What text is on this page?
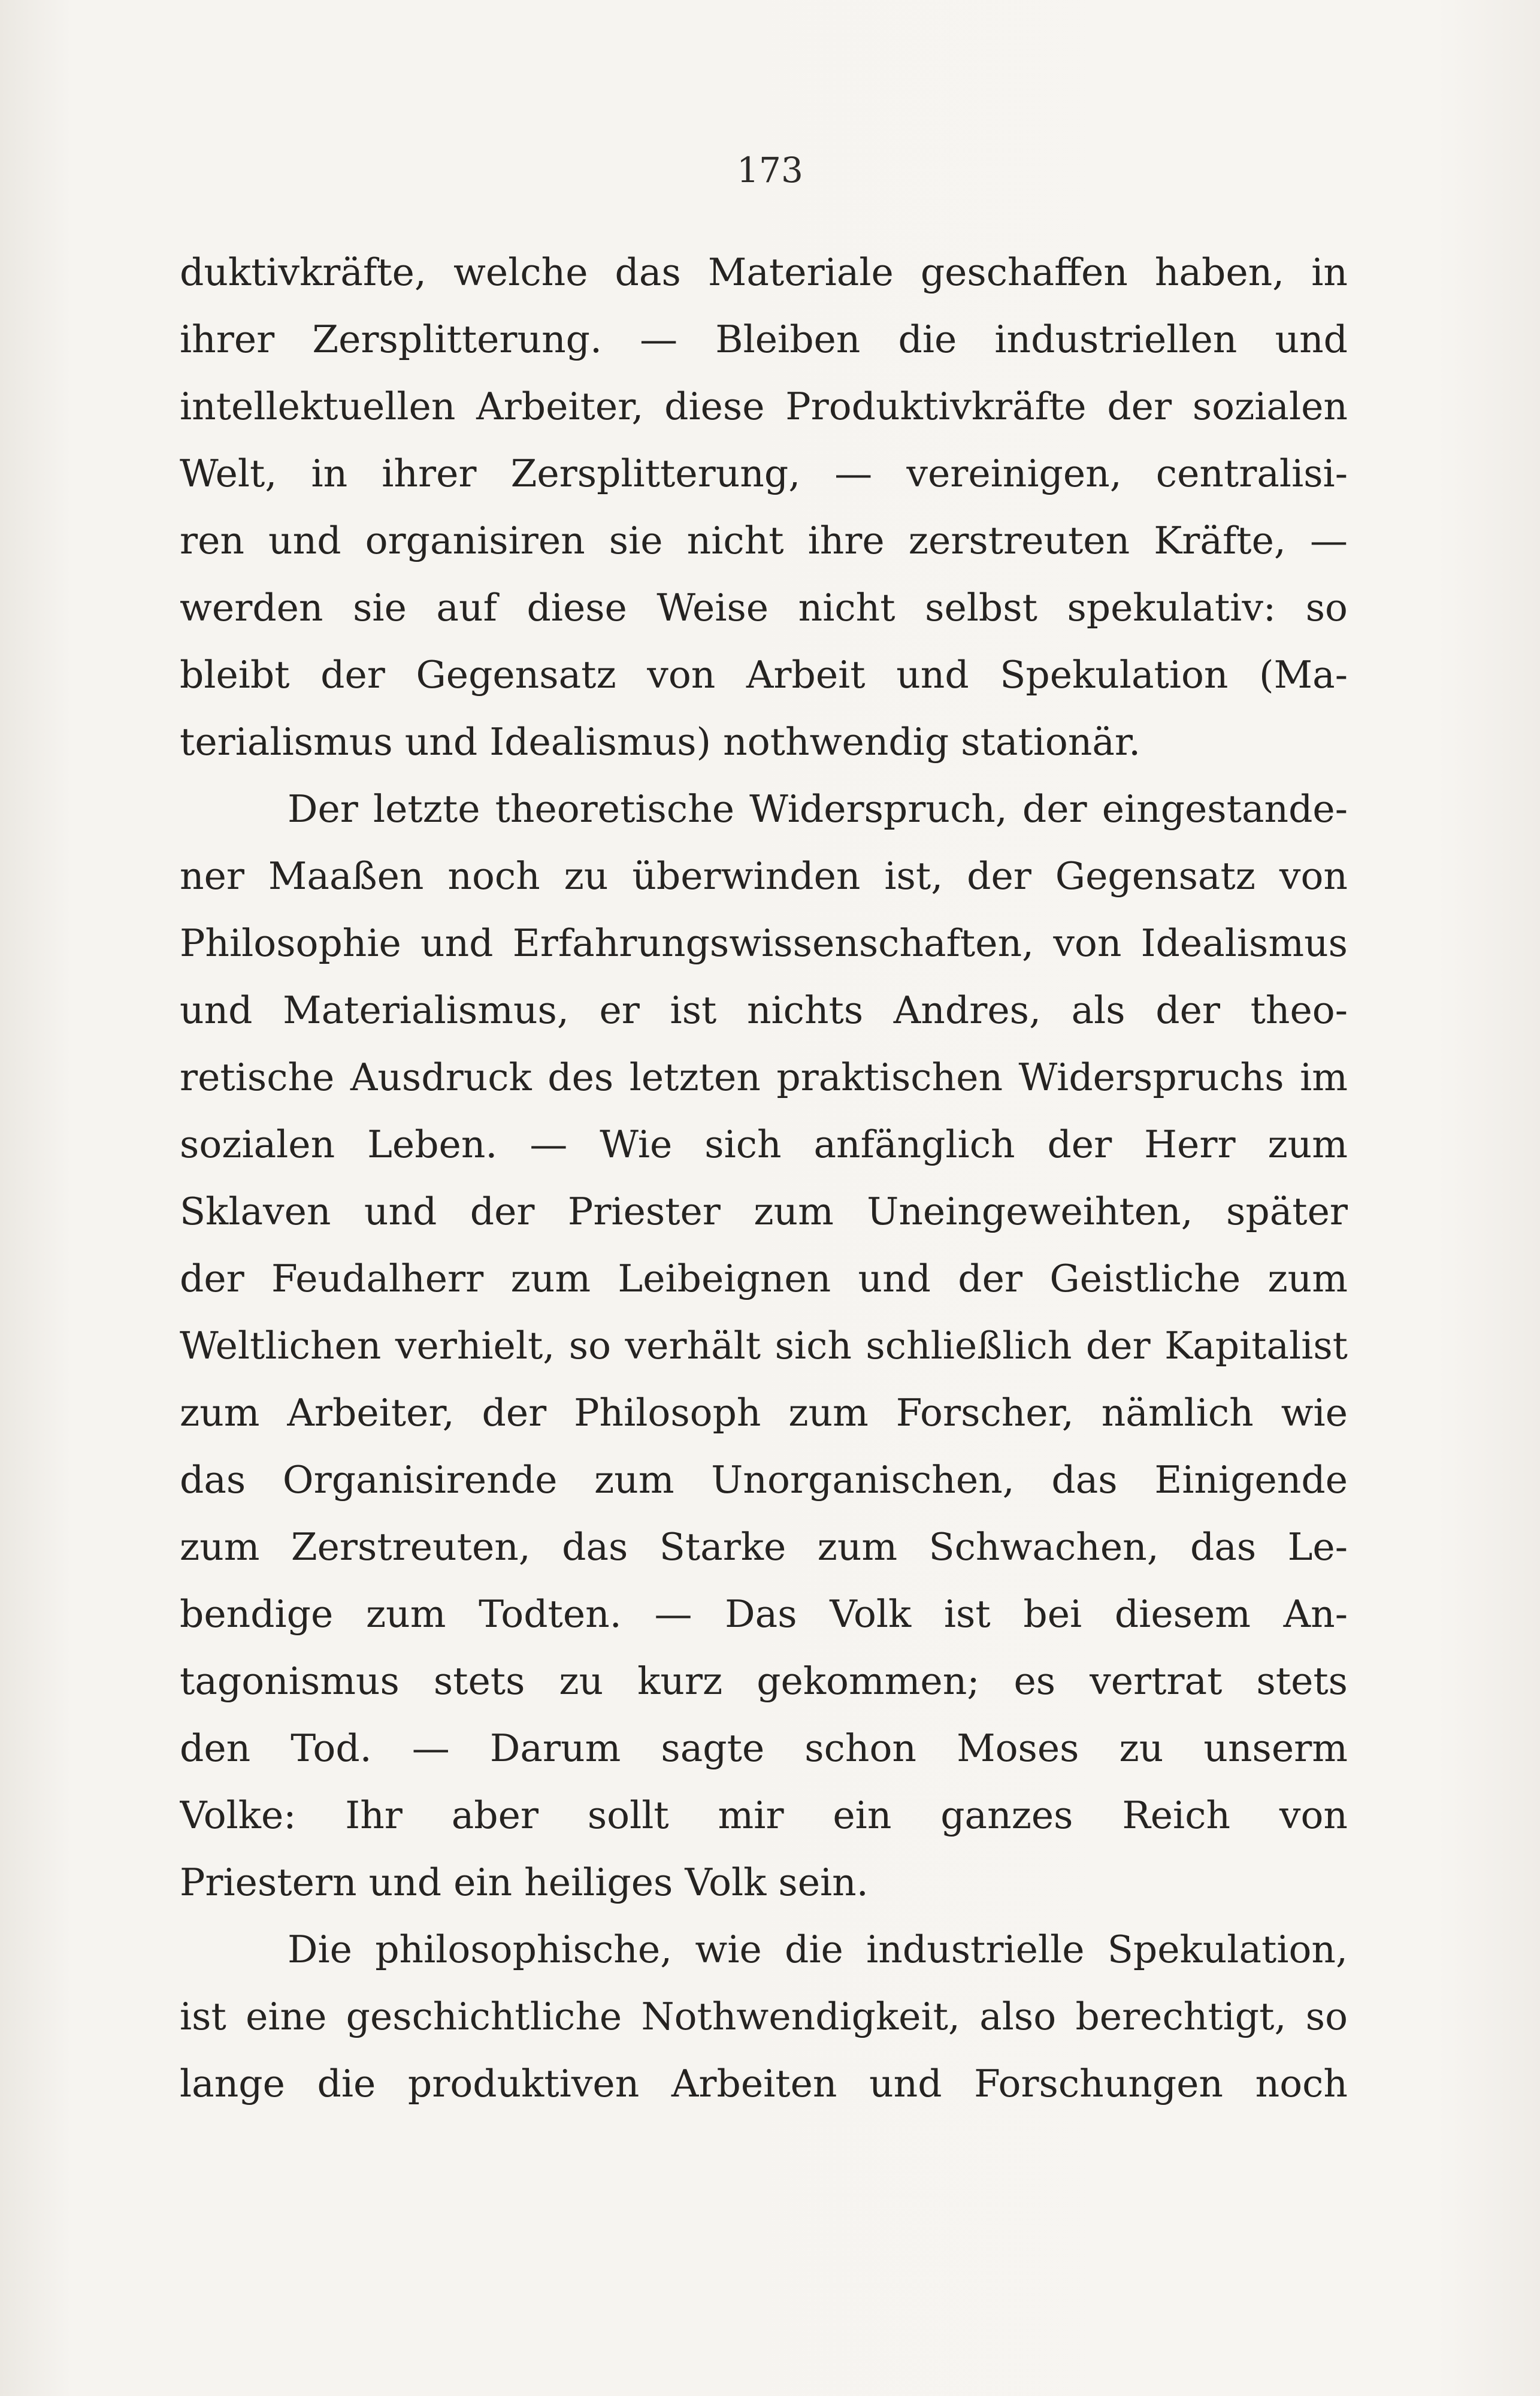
173
duktivkräfte, welche das Materiale geschaffen haben, in
ihrer Zersplitterung. — Bleiben die industriellen und
intellektuellen Arbeiter, diese Produktivkräfte der sozialen
Welt, in ihrer Zersplitterung, — vereinigen, centralisi-
ren und organisiren sie nicht ihre zerstreuten Kräfte, —
werden sie auf diese Weise nicht selbst spekulativ: so
bleibt der Gegensatz von Arbeit und Spekulation (Ma-
terialismus und Idealismus) nothwendig stationär.
Der letzte theoretische Widerspruch, der eingestande-
ner Maaßen noch zu überwinden ist, der Gegensatz von
Philosophie und Erfahrungswissenschaften, von Idealismus
und Materialismus, er ist nichts Andres, als der theo-
retische Ausdruck des letzten praktischen Widerspruchs im
sozialen Leben. — Wie sich anfänglich der Herr zum
Sklaven und der Priester zum Uneingeweihten, später
der Feudalherr zum Leibeignen und der Geistliche zum
Weltlichen verhielt, so verhält sich schließlich der Kapitalist
zum Arbeiter, der Philosoph zum Forscher, nämlich wie
das Organisirende zum Unorganischen, das Einigende
zum Zerstreuten, das Starke zum Schwachen, das Le-
bendige zum Todten. — Das Volk ist bei diesem An-
tagonismus stets zu kurz gekommen; es vertrat stets
den Tod. — Darum sagte schon Moses zu unserm
Volke: Ihr aber sollt mir ein ganzes Reich von
Priestern und ein heiliges Volk sein.
Die philosophische, wie die industrielle Spekulation,
ist eine geschichtliche Nothwendigkeit, also berechtigt, so
lange die produktiven Arbeiten und Forschungen noch
